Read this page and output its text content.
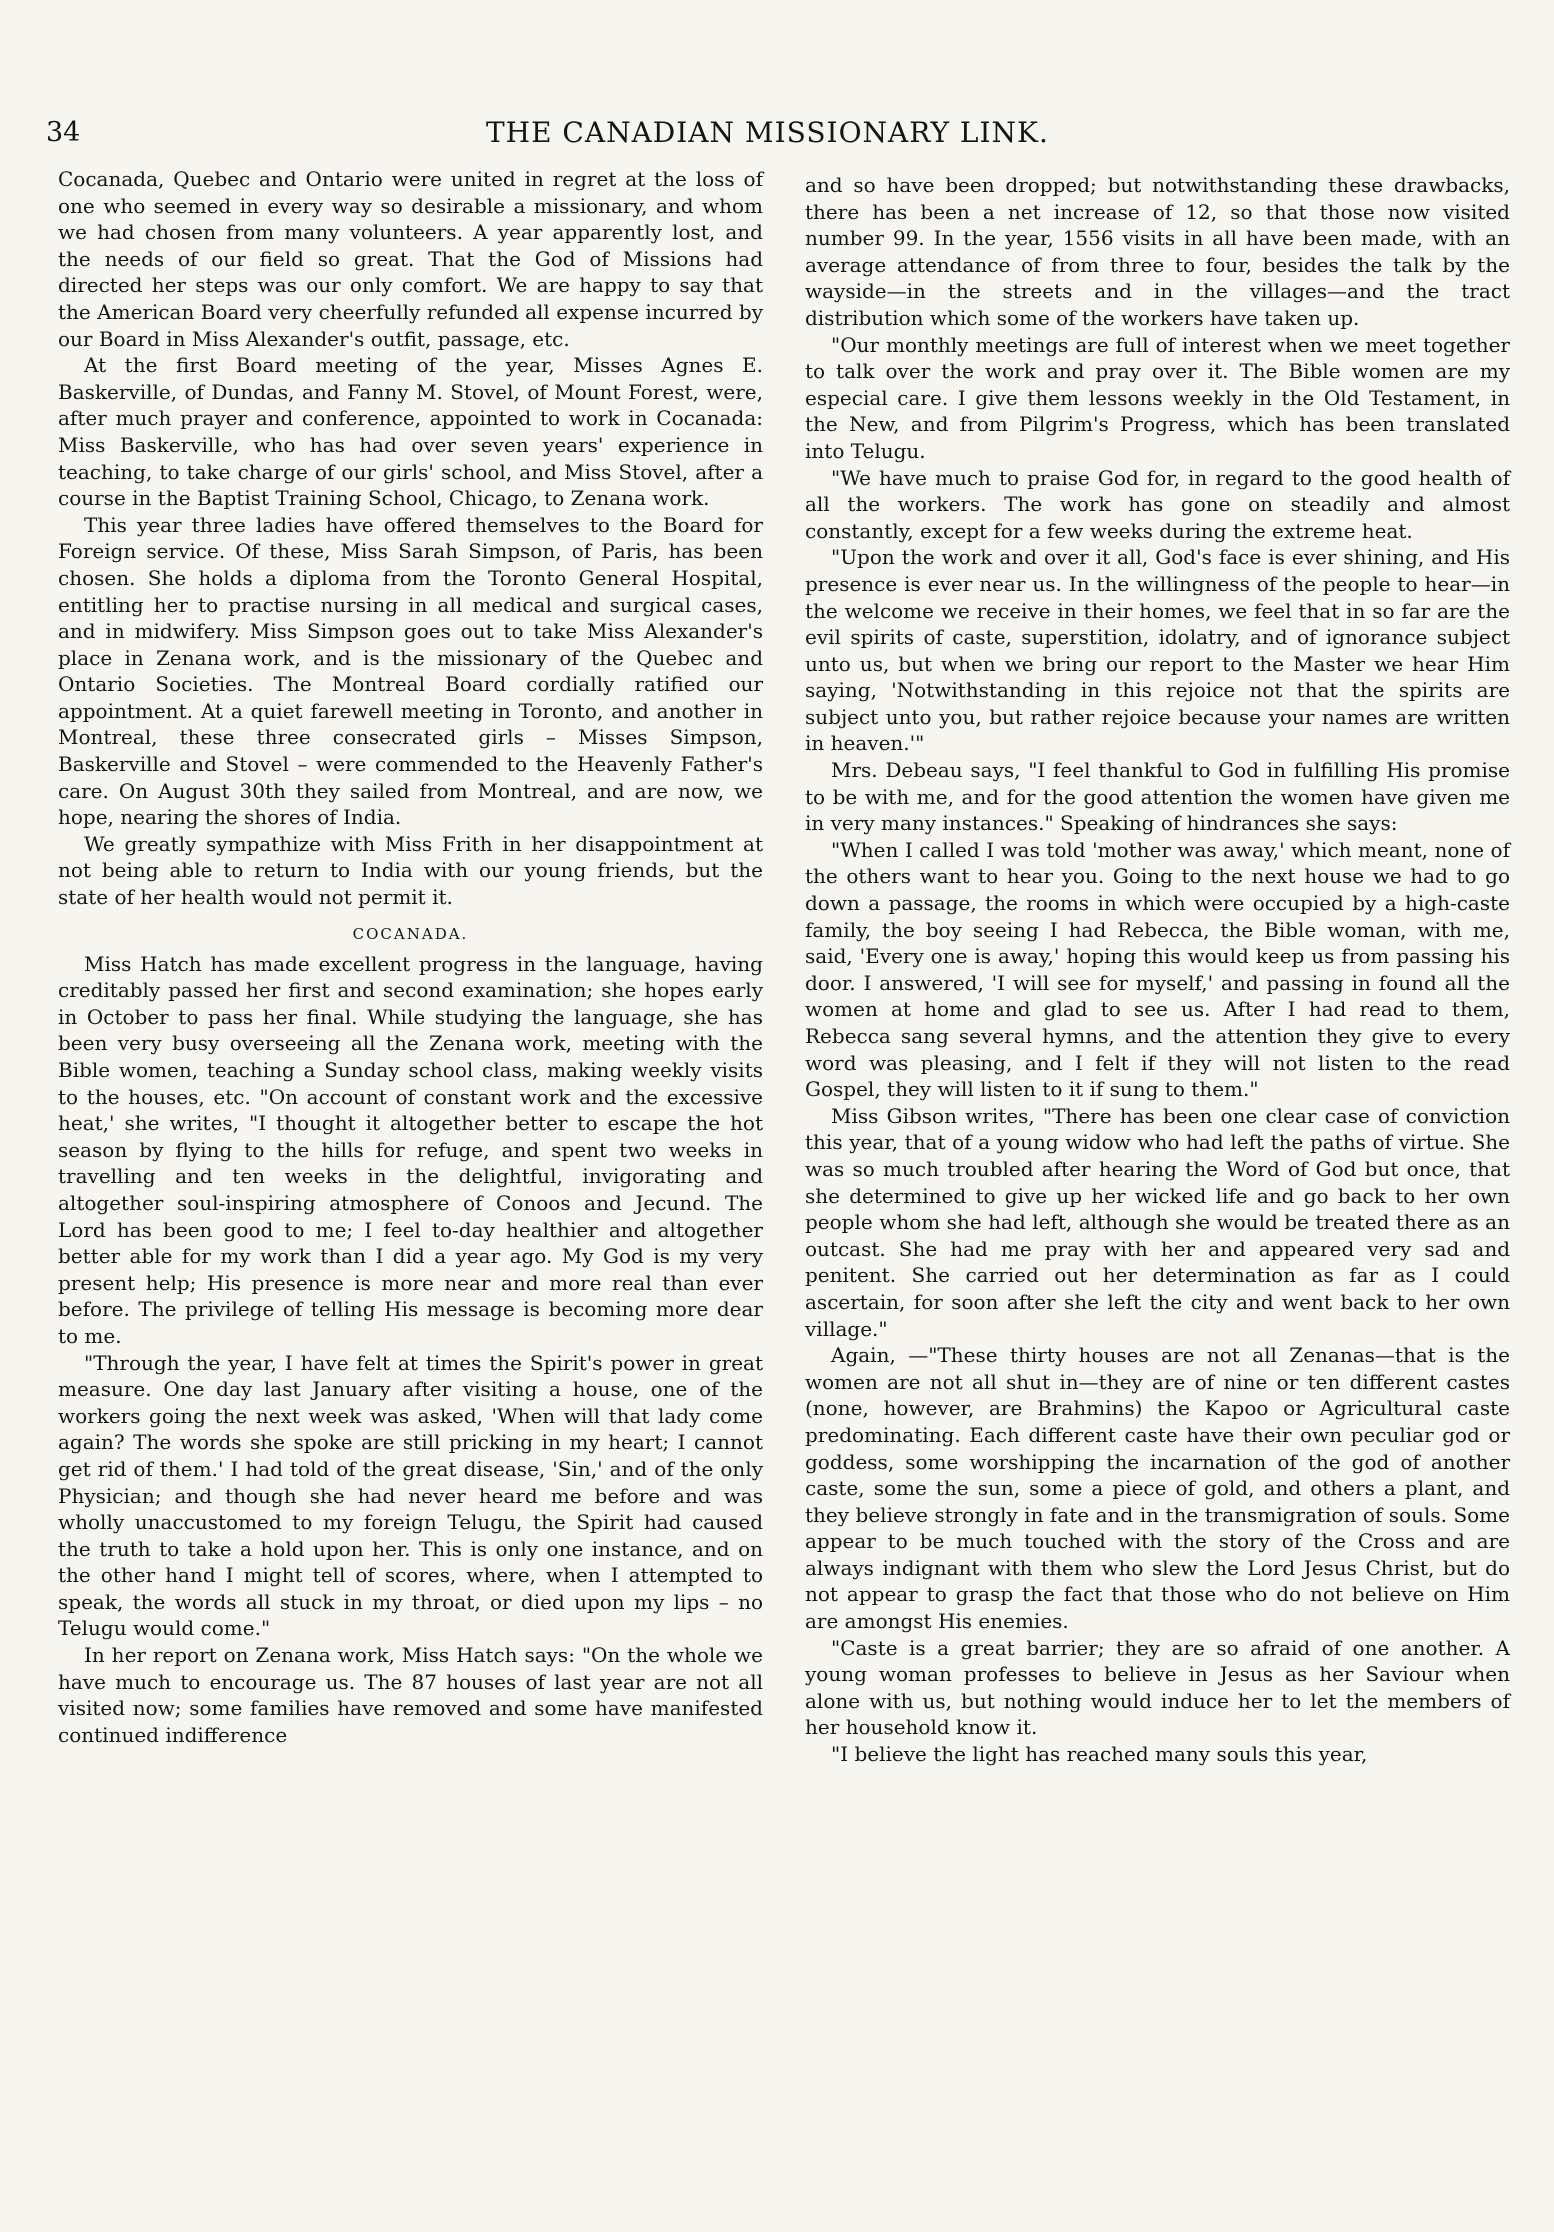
34	THE CANADIAN MISSIONARY LINK.

Cocanada, Quebec and Ontario were united in regret at the loss of one who seemed in every way so desirable a missionary, and whom we had chosen from many volunteers. A year apparently lost, and the needs of our field so great. That the God of Missions had directed her steps was our only comfort. We are happy to say that the American Board very cheerfully refunded all expense incurred by our Board in Miss Alexander's outfit, passage, etc.

At the first Board meeting of the year, Misses Agnes E. Baskerville, of Dundas, and Fanny M. Stovel, of Mount Forest, were, after much prayer and conference, appointed to work in Cocanada: Miss Baskerville, who has had over seven years' experience in teaching, to take charge of our girls' school, and Miss Stovel, after a course in the Baptist Training School, Chicago, to Zenana work.

This year three ladies have offered themselves to the Board for Foreign service. Of these, Miss Sarah Simpson, of Paris, has been chosen. She holds a diploma from the Toronto General Hospital, entitling her to practise nursing in all medical and surgical cases, and in midwifery. Miss Simpson goes out to take Miss Alexander's place in Zenana work, and is the missionary of the Quebec and Ontario Societies. The Montreal Board cordially ratified our appointment. At a quiet farewell meeting in Toronto, and another in Montreal, these three consecrated girls – Misses Simpson, Baskerville and Stovel – were commended to the Heavenly Father's care. On August 30th they sailed from Montreal, and are now, we hope, nearing the shores of India.

We greatly sympathize with Miss Frith in her disappointment at not being able to return to India with our young friends, but the state of her health would not permit it.

COCANADA.

Miss Hatch has made excellent progress in the language, having creditably passed her first and second examination; she hopes early in October to pass her final. While studying the language, she has been very busy overseeing all the Zenana work, meeting with the Bible women, teaching a Sunday school class, making weekly visits to the houses, etc. "On account of constant work and the excessive heat,' she writes, "I thought it altogether better to escape the hot season by flying to the hills for refuge, and spent two weeks in travelling and ten weeks in the delightful, invigorating and altogether soul-inspiring atmosphere of Conoos and Jecund. The Lord has been good to me; I feel to-day healthier and altogether better able for my work than I did a year ago. My God is my very present help; His presence is more near and more real than ever before. The privilege of telling His message is becoming more dear to me.

"Through the year, I have felt at times the Spirit's power in great measure. One day last January after visiting a house, one of the workers going the next week was asked, 'When will that lady come again? The words she spoke are still pricking in my heart; I cannot get rid of them.' I had told of the great disease, 'Sin,' and of the only Physician; and though she had never heard me before and was wholly unaccustomed to my foreign Telugu, the Spirit had caused the truth to take a hold upon her. This is only one instance, and on the other hand I might tell of scores, where, when I attempted to speak, the words all stuck in my throat, or died upon my lips – no Telugu would come."

In her report on Zenana work, Miss Hatch says: "On the whole we have much to encourage us. The 87 houses of last year are not all visited now; some families have removed and some have manifested continued indifference

and so have been dropped; but notwithstanding these drawbacks, there has been a net increase of 12, so that those now visited number 99. In the year, 1556 visits in all have been made, with an average attendance of from three to four, besides the talk by the wayside—in the streets and in the villages—and the tract distribution which some of the workers have taken up.

"Our monthly meetings are full of interest when we meet together to talk over the work and pray over it. The Bible women are my especial care. I give them lessons weekly in the Old Testament, in the New, and from Pilgrim's Progress, which has been translated into Telugu.

"We have much to praise God for, in regard to the good health of all the workers. The work has gone on steadily and almost constantly, except for a few weeks during the extreme heat.

"Upon the work and over it all, God's face is ever shining, and His presence is ever near us. In the willingness of the people to hear—in the welcome we receive in their homes, we feel that in so far are the evil spirits of caste, superstition, idolatry, and of ignorance subject unto us, but when we bring our report to the Master we hear Him saying, 'Notwithstanding in this rejoice not that the spirits are subject unto you, but rather rejoice because your names are written in heaven.'"

Mrs. Debeau says, "I feel thankful to God in fulfilling His promise to be with me, and for the good attention the women have given me in very many instances." Speaking of hindrances she says:

"When I called I was told 'mother was away,' which meant, none of the others want to hear you. Going to the next house we had to go down a passage, the rooms in which were occupied by a high-caste family, the boy seeing I had Rebecca, the Bible woman, with me, said, 'Every one is away,' hoping this would keep us from passing his door. I answered, 'I will see for myself,' and passing in found all the women at home and glad to see us. After I had read to them, Rebecca sang several hymns, and the attention they give to every word was pleasing, and I felt if they will not listen to the read Gospel, they will listen to it if sung to them."

Miss Gibson writes, "There has been one clear case of conviction this year, that of a young widow who had left the paths of virtue. She was so much troubled after hearing the Word of God but once, that she determined to give up her wicked life and go back to her own people whom she had left, although she would be treated there as an outcast. She had me pray with her and appeared very sad and penitent. She carried out her determination as far as I could ascertain, for soon after she left the city and went back to her own village."

Again, —"These thirty houses are not all Zenanas—that is the women are not all shut in—they are of nine or ten different castes (none, however, are Brahmins) the Kapoo or Agricultural caste predominating. Each different caste have their own peculiar god or goddess, some worshipping the incarnation of the god of another caste, some the sun, some a piece of gold, and others a plant, and they believe strongly in fate and in the transmigration of souls. Some appear to be much touched with the story of the Cross and are always indignant with them who slew the Lord Jesus Christ, but do not appear to grasp the fact that those who do not believe on Him are amongst His enemies.

"Caste is a great barrier; they are so afraid of one another. A young woman professes to believe in Jesus as her Saviour when alone with us, but nothing would induce her to let the members of her household know it.

"I believe the light has reached many souls this year,
